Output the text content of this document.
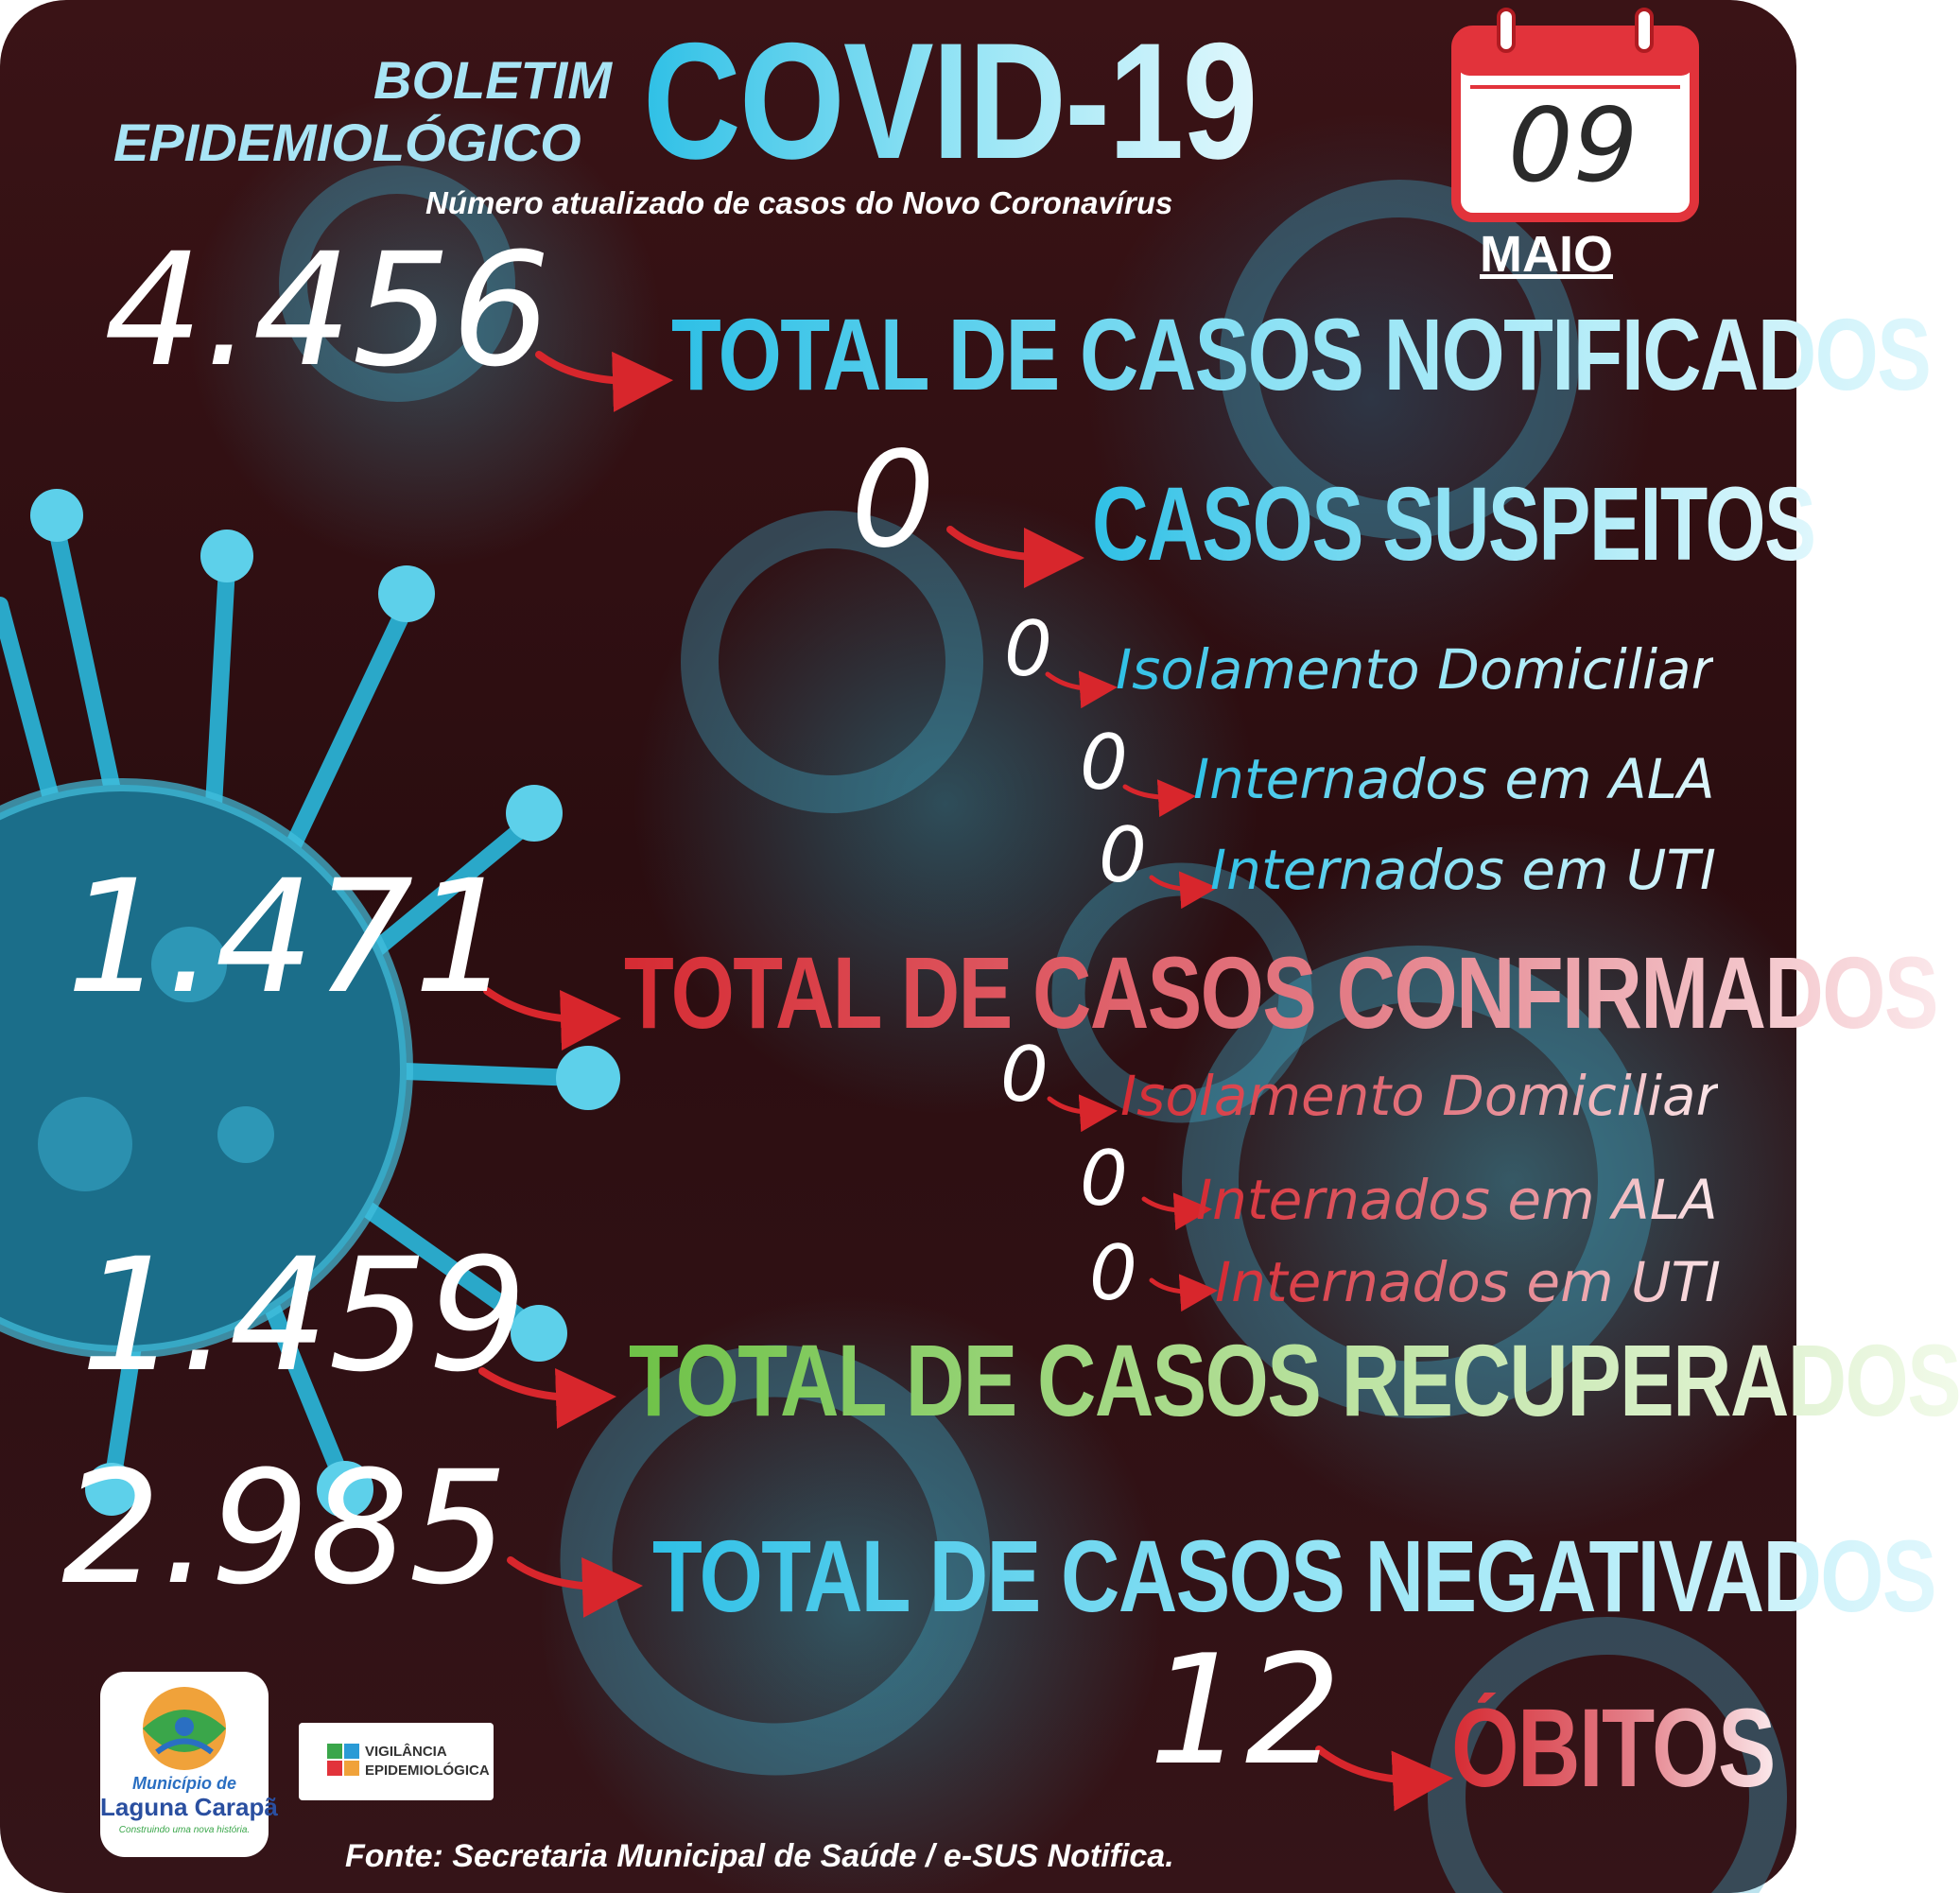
BOLETIM
EPIDEMIOLÓGICO COVID-19
Número atualizado de casos do Novo Coronavírus	09
MAIO
4.456 TOTAL DE CASOS NOTIFICADOS
0 CASOS SUSPEITOS
0 Isolamento Domiciliar
0 Internados em ALA
0 Internados em UTI
1.471 TOTAL DE CASOS CONFIRMADOS
0 Isolamento Domiciliar
0 Internados em ALA
0 Internados em UTI
1.459 TOTAL DE CASOS RECUPERADOS
2.985 TOTAL DE CASOS NEGATIVADOS
12 ÓBITOS
Município de
Laguna Carapã
Construindo uma nova história.
VIGILÂNCIA
EPIDEMIOLÓGICA
Fonte: Secretaria Municipal de Saúde / e-SUS Notifica.
